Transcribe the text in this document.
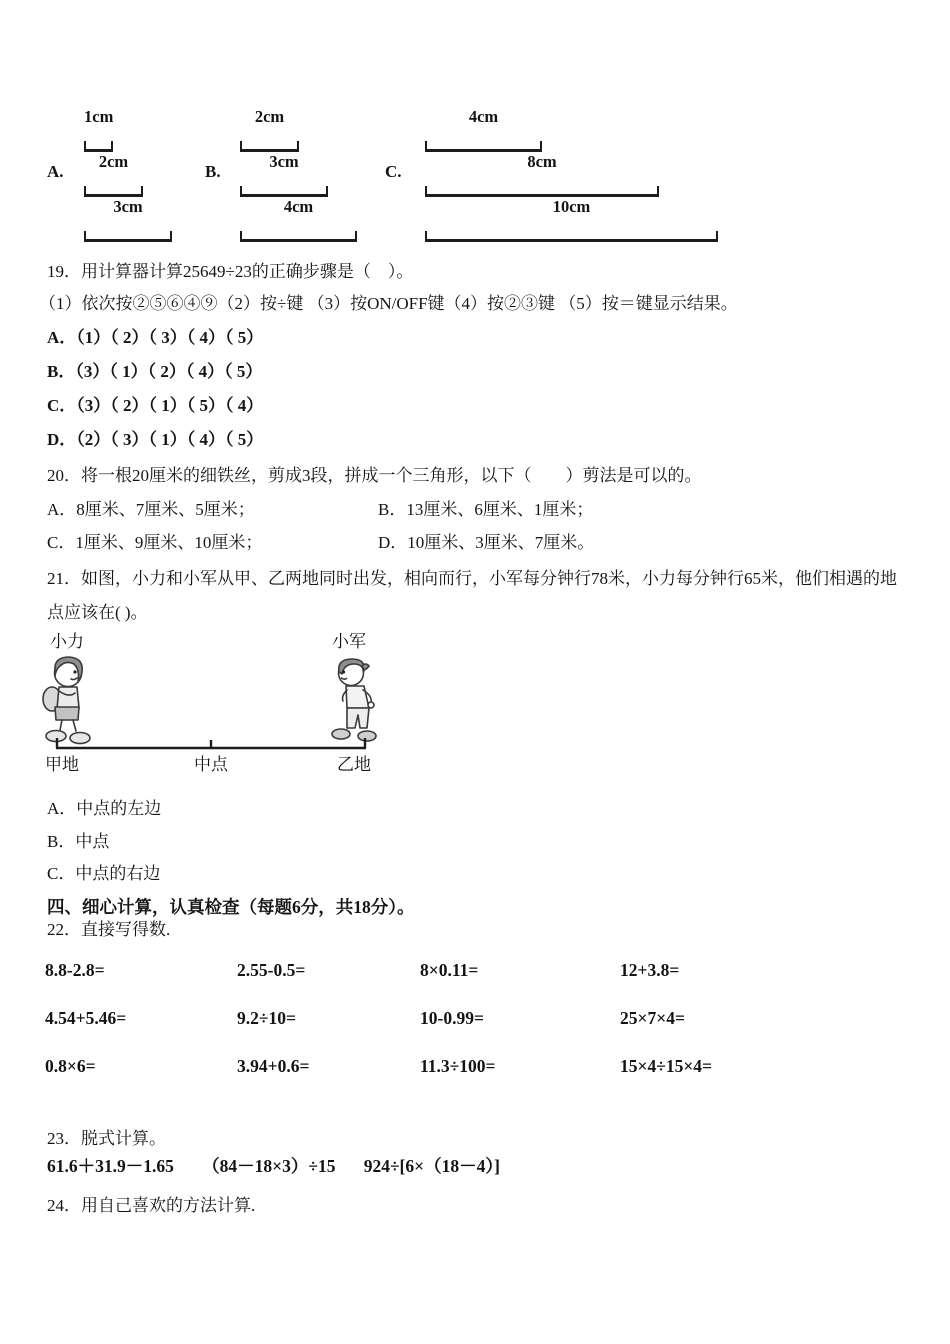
A.	B.	C.
1cm
2cm
3cm
2cm
3cm
4cm
4cm
8cm
10cm
19．用计算器计算25649÷23的正确步骤是（　）。
（1）依次按②⑤⑥④⑨（2）按÷键 （3）按ON/OFF键（4）按②③键 （5）按＝键显示结果。
A．（1）（ 2）（ 3）（ 4）（ 5）
B．（3）（ 1）（ 2）（ 4）（ 5）
C．（3）（ 2）（ 1）（ 5）（ 4）
D．（2）（ 3）（ 1）（ 4）（ 5）
20．将一根20厘米的细铁丝，剪成3段，拼成一个三角形，以下（　　）剪法是可以的。
A．8厘米、7厘米、5厘米；	B．13厘米、6厘米、1厘米；
C．1厘米、9厘米、10厘米；	D．10厘米、3厘米、7厘米。
21．如图，小力和小军从甲、乙两地同时出发，相向而行，小军每分钟行78米，小力每分钟行65米，他们相遇的地
点应该在( )。
小力	小军
甲地	中点	乙地
A．中点的左边
B．中点
C．中点的右边
四、细心计算，认真检查（每题6分，共18分）。
22．直接写得数.
8.8-2.8=	2.55-0.5=	8×0.11=	12+3.8=
4.54+5.46=	9.2÷10=	10-0.99=	25×7×4=
0.8×6=	3.94+0.6=	11.3÷100=	15×4÷15×4=
23．脱式计算。
61.6＋31.9－1.65 （84－18×3）÷15 924÷[6×（18－4）]
24．用自己喜欢的方法计算.
